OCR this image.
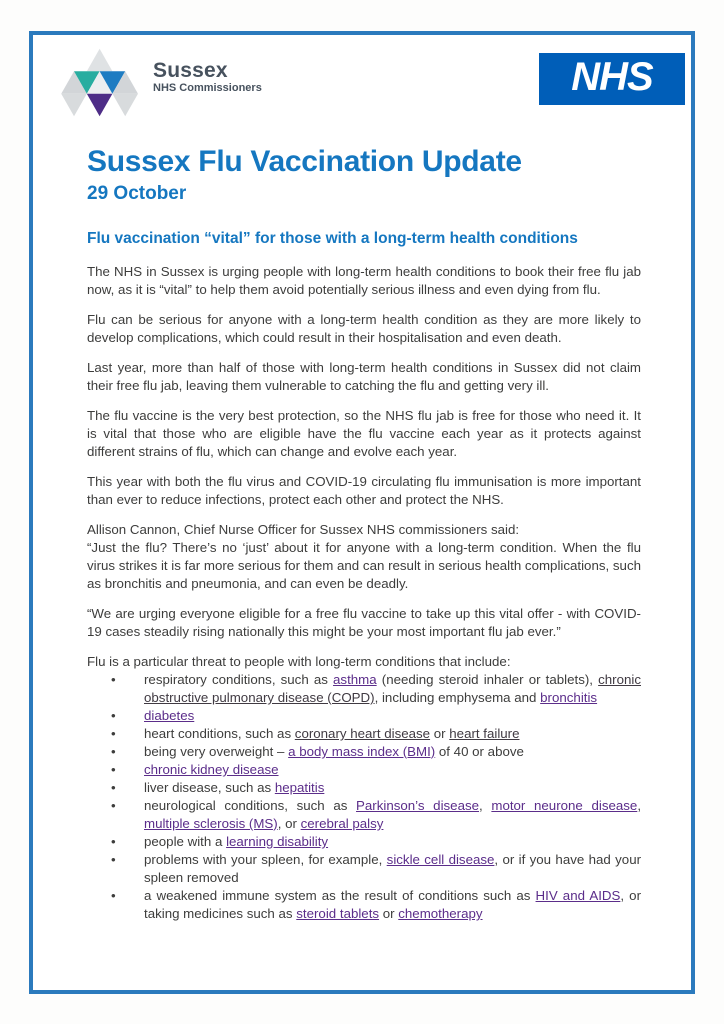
Sussex
NHS Commissioners	NHS
Sussex Flu Vaccination Update
29 October
Flu vaccination “vital” for those with a long-term health conditions

The NHS in Sussex is urging people with long-term health conditions to book their free flu jab now, as it is “vital” to help them avoid potentially serious illness and even dying from flu.

Flu can be serious for anyone with a long-term health condition as they are more likely to develop complications, which could result in their hospitalisation and even death.

Last year, more than half of those with long-term health conditions in Sussex did not claim their free flu jab, leaving them vulnerable to catching the flu and getting very ill.

The flu vaccine is the very best protection, so the NHS flu jab is free for those who need it. It is vital that those who are eligible have the flu vaccine each year as it protects against different strains of flu, which can change and evolve each year.

This year with both the flu virus and COVID-19 circulating flu immunisation is more important than ever to reduce infections, protect each other and protect the NHS.

Allison Cannon, Chief Nurse Officer for Sussex NHS commissioners said:

“Just the flu? There’s no ‘just’ about it for anyone with a long-term condition. When the flu virus strikes it is far more serious for them and can result in serious health complications, such as bronchitis and pneumonia, and can even be deadly.

“We are urging everyone eligible for a free flu vaccine to take up this vital offer - with COVID-19 cases steadily rising nationally this might be your most important flu jab ever.”

Flu is a particular threat to people with long-term conditions that include:

• respiratory conditions, such as asthma (needing steroid inhaler or tablets), chronic obstructive pulmonary disease (COPD), including emphysema and bronchitis
• diabetes
• heart conditions, such as coronary heart disease or heart failure
• being very overweight – a body mass index (BMI) of 40 or above
• chronic kidney disease
• liver disease, such as hepatitis
• neurological conditions, such as Parkinson’s disease, motor neurone disease, multiple sclerosis (MS), or cerebral palsy
• people with a learning disability
• problems with your spleen, for example, sickle cell disease, or if you have had your spleen removed
• a weakened immune system as the result of conditions such as HIV and AIDS, or taking medicines such as steroid tablets or chemotherapy
